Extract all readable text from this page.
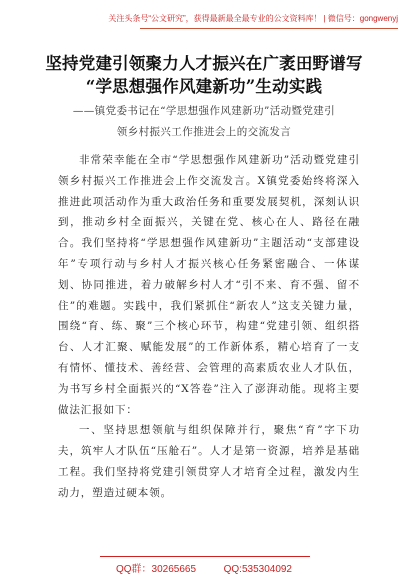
关注头条号“公文研究”，获得最新最全最专业的公文资料库！ | 微信号：gongwenyj
坚持党建引领聚力人才振兴在广袤田野谱写
“学思想强作风建新功”生动实践
——镇党委书记在“学思想强作风建新功”活动暨党建引
领乡村振兴工作推进会上的交流发言

非常荣幸能在全市“学思想强作风建新功”活动暨党建引领乡村振兴工作推进会上作交流发言。X镇党委始终将深入推进此项活动作为重大政治任务和重要发展契机，深刻认识到，推动乡村全面振兴，关键在党、核心在人、路径在融合。我们坚持将“学思想强作风建新功”主题活动“支部建设年”专项行动与乡村人才振兴核心任务紧密融合、一体谋划、协同推进，着力破解乡村人才“引不来、育不强、留不住”的难题。实践中，我们紧抓住“新农人”这支关键力量，围绕“育、练、聚”三个核心环节，构建“党建引领、组织搭台、人才汇聚、赋能发展”的工作新体系，精心培育了一支有情怀、懂技术、善经营、会管理的高素质农业人才队伍，为书写乡村全面振兴的“X答卷”注入了澎湃动能。现将主要做法汇报如下：

一、坚持思想领航与组织保障并行，聚焦“育”字下功夫，筑牢人才队伍“压舱石”。人才是第一资源，培养是基础工程。我们坚持将党建引领贯穿人才培育全过程，激发内生动力，塑造过硬本领。

QQ群：30265665	QQ:535304092
